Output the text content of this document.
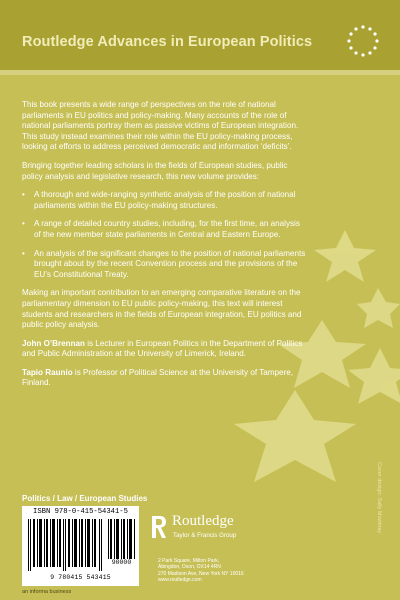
Routledge Advances in European Politics

This book presents a wide range of perspectives on the role of national parliaments in EU politics and policy-making. Many accounts of the role of national parliaments portray them as passive victims of European integration. This study instead examines their role within the EU policy-making process, looking at efforts to address perceived democratic and information ‘deficits’.

Bringing together leading scholars in the fields of European studies, public policy analysis and legislative research, this new volume provides:

• A thorough and wide-ranging synthetic analysis of the position of national parliaments within the EU policy-making structures.
• A range of detailed country studies, including, for the first time, an analysis of the new member state parliaments in Central and Eastern Europe.
• An analysis of the significant changes to the position of national parliaments brought about by the recent Convention process and the provisions of the EU’s Constitutional Treaty.

Making an important contribution to an emerging comparative literature on the parliamentary dimension to EU public policy-making, this text will interest students and researchers in the fields of European integration, EU politics and public policy analysis.

John O’Brennan is Lecturer in European Politics in the Department of Politics and Public Administration at the University of Limerick, Ireland.

Tapio Raunio is Professor of Political Science at the University of Tampere, Finland.

Politics / Law / European Studies
ISBN 978-0-415-54341-5
90000
9 780415 543415
an informa business
Routledge
Taylor & Francis Group
2 Park Square, Milton Park,
Abingdon, Oxon, OX14 4RN
270 Madison Ave, New York NY 10016
www.routledge.com
Cover design: Sally Mowbray
